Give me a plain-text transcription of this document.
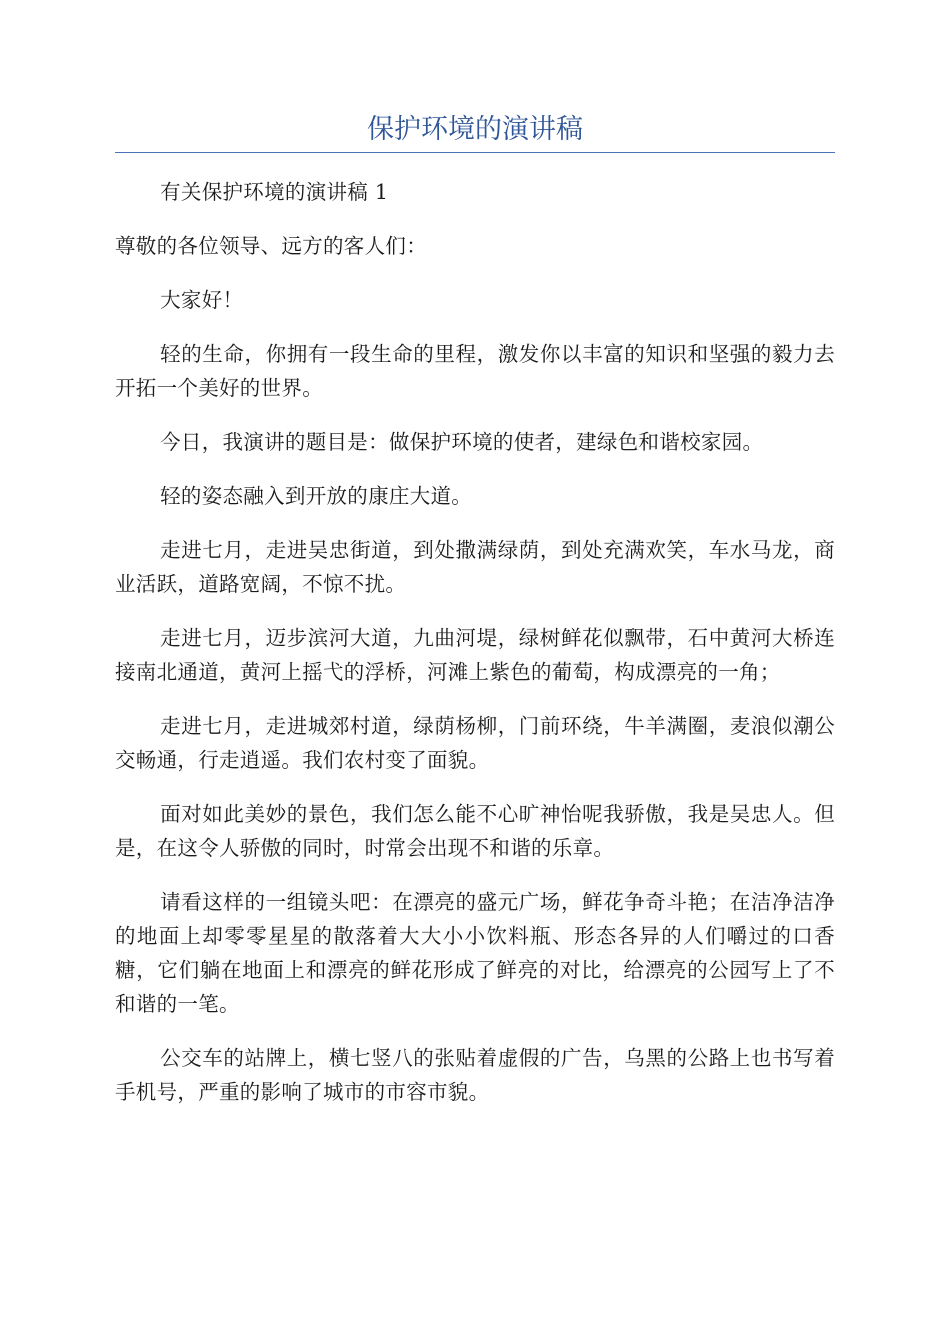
保护环境的演讲稿

有关保护环境的演讲稿 1

尊敬的各位领导、远方的客人们：

大家好！

轻的生命，你拥有一段生命的里程，激发你以丰富的知识和坚强的毅力去开拓一个美好的世界。

今日，我演讲的题目是：做保护环境的使者，建绿色和谐校家园。

轻的姿态融入到开放的康庄大道。

走进七月，走进吴忠街道，到处撒满绿荫，到处充满欢笑，车水马龙，商业活跃，道路宽阔，不惊不扰。

走进七月，迈步滨河大道，九曲河堤，绿树鲜花似飘带，石中黄河大桥连接南北通道，黄河上摇弋的浮桥，河滩上紫色的葡萄，构成漂亮的一角；

走进七月，走进城郊村道，绿荫杨柳，门前环绕，牛羊满圈，麦浪似潮公交畅通，行走逍遥。我们农村变了面貌。

面对如此美妙的景色，我们怎么能不心旷神怡呢我骄傲，我是吴忠人。但是，在这令人骄傲的同时，时常会出现不和谐的乐章。

请看这样的一组镜头吧：在漂亮的盛元广场，鲜花争奇斗艳；在洁净洁净的地面上却零零星星的散落着大大小小饮料瓶、形态各异的人们嚼过的口香糖，它们躺在地面上和漂亮的鲜花形成了鲜亮的对比，给漂亮的公园写上了不和谐的一笔。

公交车的站牌上，横七竖八的张贴着虚假的广告，乌黑的公路上也书写着手机号，严重的影响了城市的市容市貌。
